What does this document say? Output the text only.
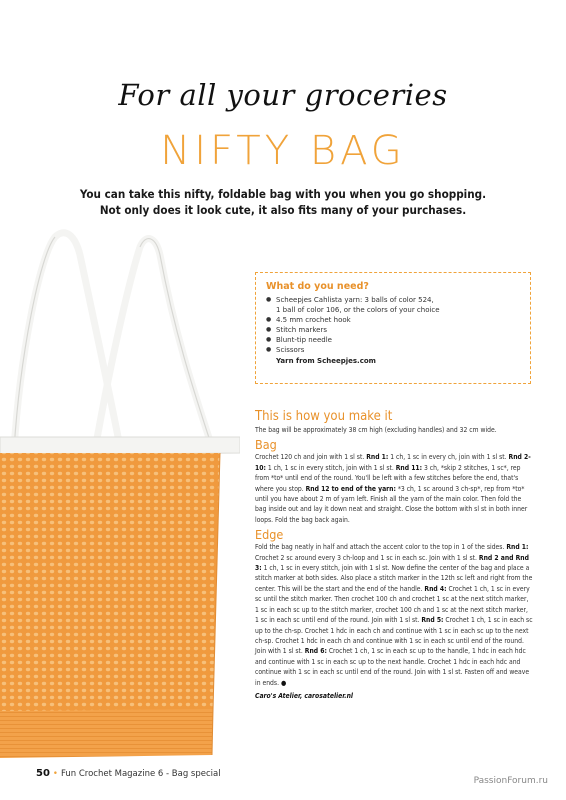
For all your groceries
NIFTY BAG
You can take this nifty, foldable bag with you when you go shopping.
Not only does it look cute, it also fits many of your purchases.
What do you need?
● Scheepjes Cahlista yarn: 3 balls of color 524,
1 ball of color 106, or the colors of your choice
● 4.5 mm crochet hook
● Stitch markers
● Blunt-tip needle
● Scissors
Yarn from Scheepjes.com
This is how you make it

The bag will be approximately 38 cm high (excluding handles) and 32 cm wide.

Bag

Crochet 120 ch and join with 1 sl st. Rnd 1: 1 ch, 1 sc in every ch, join with 1 sl st. Rnd 2-10: 1 ch, 1 sc in every stitch, join with 1 sl st. Rnd 11: 3 ch, *skip 2 stitches, 1 sc*, rep from *to* until end of the round. You'll be left with a few stitches before the end, that's where you stop. Rnd 12 to end of the yarn: *3 ch, 1 sc around 3 ch-sp*, rep from *to* until you have about 2 m of yarn left. Finish all the yarn of the main color. Then fold the bag inside out and lay it down neat and straight. Close the bottom with sl st in both inner loops. Fold the bag back again.

Edge

Fold the bag neatly in half and attach the accent color to the top in 1 of the sides. Rnd 1: Crochet 2 sc around every 3 ch-loop and 1 sc in each sc. Join with 1 sl st. Rnd 2 and Rnd 3: 1 ch, 1 sc in every stitch, join with 1 sl st. Now define the center of the bag and place a stitch marker at both sides. Also place a stitch marker in the 12th sc left and right from the center. This will be the start and the end of the handle. Rnd 4: Crochet 1 ch, 1 sc in every sc until the stitch marker. Then crochet 100 ch and crochet 1 sc at the next stitch marker, 1 sc in each sc up to the stitch marker, crochet 100 ch and 1 sc at the next stitch marker, 1 sc in each sc until end of the round. Join with 1 sl st. Rnd 5: Crochet 1 ch, 1 sc in each sc up to the ch-sp. Crochet 1 hdc in each ch and continue with 1 sc in each sc up to the next ch-sp. Crochet 1 hdc in each ch and continue with 1 sc in each sc until end of the round. Join with 1 sl st. Rnd 6: Crochet 1 ch, 1 sc in each sc up to the handle, 1 hdc in each hdc and continue with 1 sc in each sc up to the next handle. Crochet 1 hdc in each hdc and continue with 1 sc in each sc until end of the round. Join with 1 sl st. Fasten off and weave in ends. ●

Caro's Atelier, carosatelier.nl

50 • Fun Crochet Magazine 6 - Bag special
PassionForum.ru
